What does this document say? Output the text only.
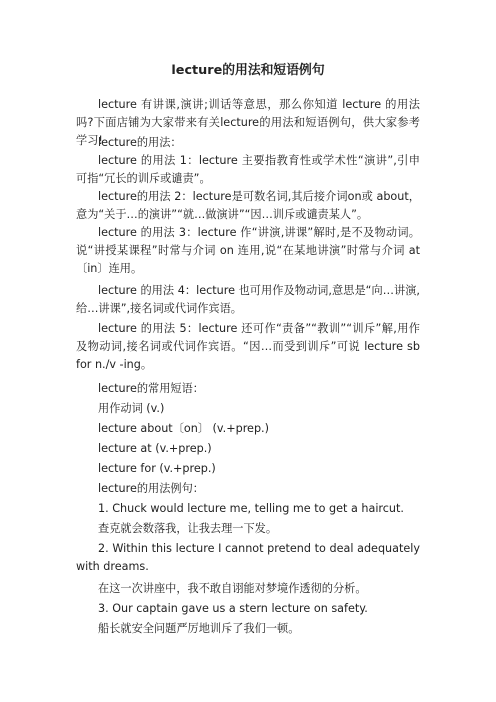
lecture的用法和短语例句

lecture 有讲课,演讲;训话等意思，那么你知道 lecture 的用法吗?下面店铺为大家带来有关lecture的用法和短语例句，供大家参考学习!

lecture的用法：

lecture 的用法 1：lecture 主要指教育性或学术性“演讲”,引申可指“冗长的训斥或谴责”。

lecture的用法 2：lecture是可数名词,其后接介词on或 about，意为“关于…的演讲”“就…做演讲”“因…训斥或谴责某人”。

lecture 的用法 3：lecture 作“讲演,讲课”解时,是不及物动词。说“讲授某课程”时常与介词 on 连用,说“在某地讲演”时常与介词 at〔in〕连用。

lecture 的用法 4：lecture 也可用作及物动词,意思是“向…讲演,给…讲课”,接名词或代词作宾语。

lecture 的用法 5：lecture 还可作“责备”“教训”“训斥”解,用作及物动词,接名词或代词作宾语。“因…而受到训斥”可说 lecture sb for n./v -ing。

lecture的常用短语：

用作动词 (v.)

lecture about〔on〕 (v.+prep.)

lecture at (v.+prep.)

lecture for (v.+prep.)

lecture的用法例句：

1. Chuck would lecture me, telling me to get a haircut.

查克就会数落我，让我去理一下发。

2. Within this lecture I cannot pretend to deal adequately with dreams.

在这一次讲座中，我不敢自诩能对梦境作透彻的分析。

3. Our captain gave us a stern lecture on safety.

船长就安全问题严厉地训斥了我们一顿。
